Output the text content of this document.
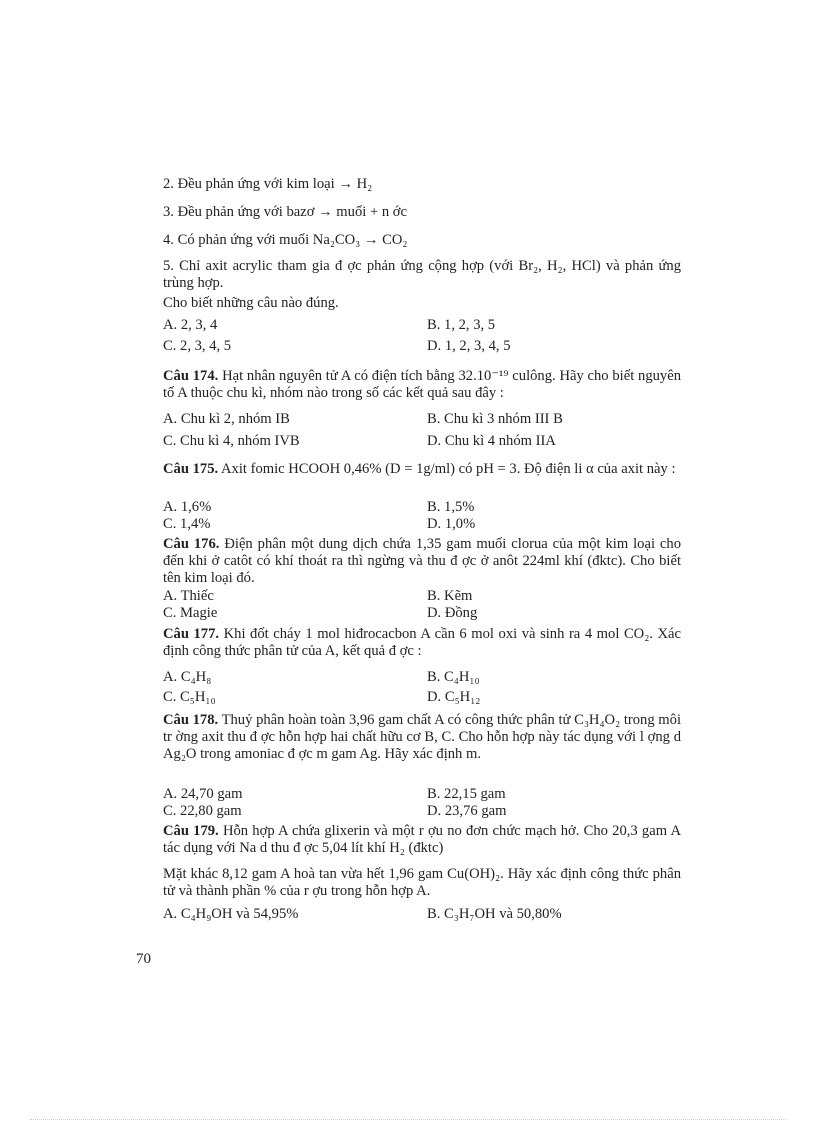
2. Đều phản ứng với kim loại → H₂
3. Đều phản ứng với bazơ → muối + n ớc
4. Có phản ứng với muối Na₂CO₃ → CO₂
5. Chỉ axit acrylic tham gia đ ợc phản ứng cộng hợp (với Br₂, H₂, HCl) và phản ứng trùng hợp.
Cho biết những câu nào đúng.
A. 2, 3, 4	B. 1, 2, 3, 5
C. 2, 3, 4, 5	D. 1, 2, 3, 4, 5
Câu 174. Hạt nhân nguyên tử A có điện tích bằng 32.10⁻¹⁹ culông. Hãy cho biết nguyên tố A thuộc chu kì, nhóm nào trong số các kết quả sau đây :
A. Chu kì 2, nhóm IB	B. Chu kì 3 nhóm III B
C. Chu kì 4, nhóm IVB	D. Chu kì 4 nhóm IIA
Câu 175. Axit fomic HCOOH 0,46% (D = 1g/ml) có pH = 3. Độ điện li α của axit này :
A. 1,6%	B. 1,5%
C. 1,4%	D. 1,0%
Câu 176. Điện phân một dung dịch chứa 1,35 gam muối clorua của một kim loại cho đến khi ở catôt có khí thoát ra thì ngừng và thu đ ợc ở anôt 224ml khí (đktc). Cho biết tên kim loại đó.
A. Thiếc	B. Kẽm
C. Magie	D. Đồng
Câu 177. Khi đốt cháy 1 mol hiđrocacbon A cần 6 mol oxi và sinh ra 4 mol CO₂. Xác định công thức phân tử của A, kết quả đ ợc :
A. C₄H₈	B. C₄H₁₀
C. C₅H₁₀	D. C₅H₁₂
Câu 178. Thuỷ phân hoàn toàn 3,96 gam chất A có công thức phân tử C₃H₄O₂ trong môi tr ờng axit thu đ ợc hỗn hợp hai chất hữu cơ B, C. Cho hỗn hợp này tác dụng với l ợng d Ag₂O trong amoniac đ ợc m gam Ag. Hãy xác định m.
A. 24,70 gam	B. 22,15 gam
C. 22,80 gam	D. 23,76 gam
Câu 179. Hỗn hợp A chứa glixerin và một r ợu no đơn chức mạch hở. Cho 20,3 gam A tác dụng với Na d thu đ ợc 5,04 lít khí H₂ (đktc)
Mặt khác 8,12 gam A hoà tan vừa hết 1,96 gam Cu(OH)₂. Hãy xác định công thức phân tử và thành phần % của r ợu trong hỗn hợp A.
A. C₄H₉OH và 54,95%	B. C₃H₇OH và 50,80%
70
